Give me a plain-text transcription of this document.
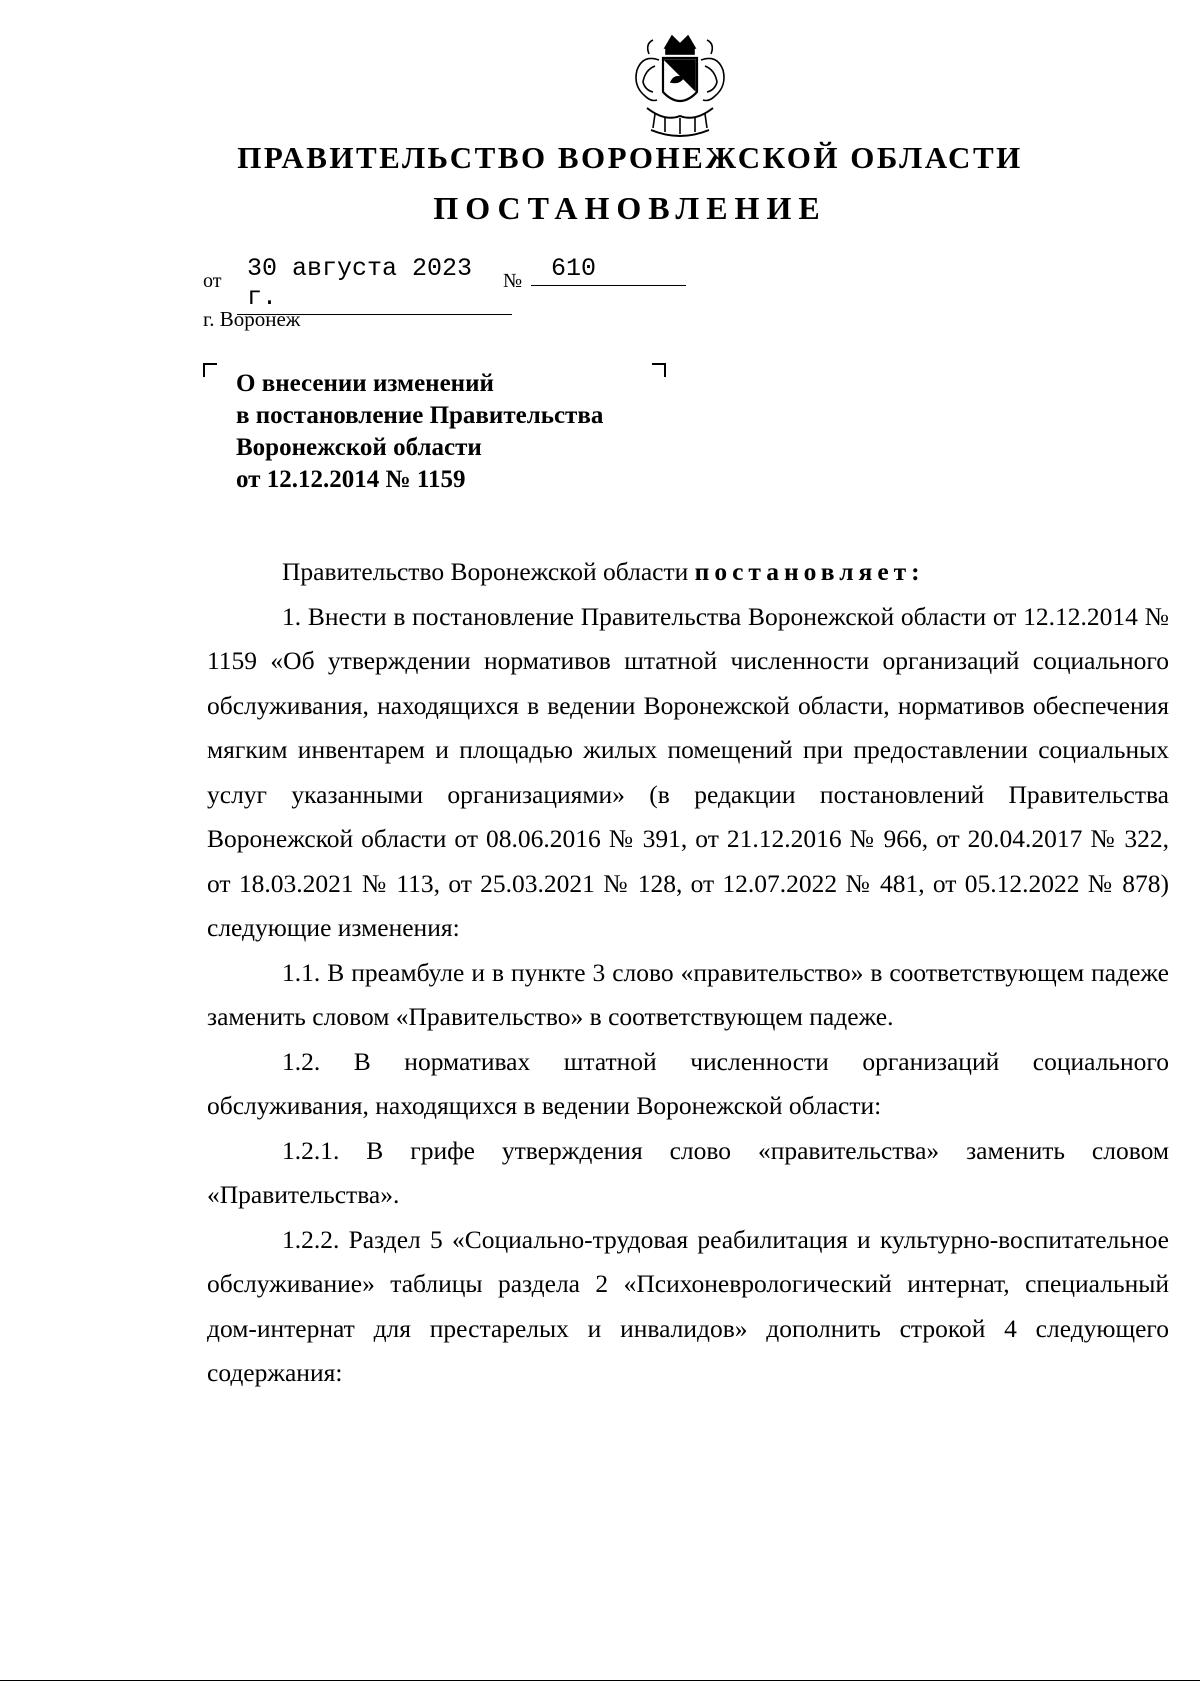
ПРАВИТЕЛЬСТВО ВОРОНЕЖСКОЙ ОБЛАСТИ
ПОСТАНОВЛЕНИЕ
от	30 августа 2023 г.
№	610
г. Воронеж
О внесении изменений
в постановление Правительства
Воронежской области
от 12.12.2014 № 1159

Правительство Воронежской области постановляет:

1. Внести в постановление Правительства Воронежской области от 12.12.2014 № 1159 «Об утверждении нормативов штатной численности организаций социального обслуживания, находящихся в ведении Воронежской области, нормативов обеспечения мягким инвентарем и площадью жилых помещений при предоставлении социальных услуг указанными организациями» (в редакции постановлений Правительства Воронежской области от 08.06.2016 № 391, от 21.12.2016 № 966, от 20.04.2017 № 322, от 18.03.2021 № 113, от 25.03.2021 № 128, от 12.07.2022 № 481, от 05.12.2022 № 878) следующие изменения:

1.1. В преамбуле и в пункте 3 слово «правительство» в соответствующем падеже заменить словом «Правительство» в соответствующем падеже.

1.2. В нормативах штатной численности организаций социального обслуживания, находящихся в ведении Воронежской области:

1.2.1. В грифе утверждения слово «правительства» заменить словом «Правительства».

1.2.2. Раздел 5 «Социально-трудовая реабилитация и культурно-воспитательное обслуживание» таблицы раздела 2 «Психоневрологический интернат, специальный дом-интернат для престарелых и инвалидов» дополнить строкой 4 следующего содержания:
